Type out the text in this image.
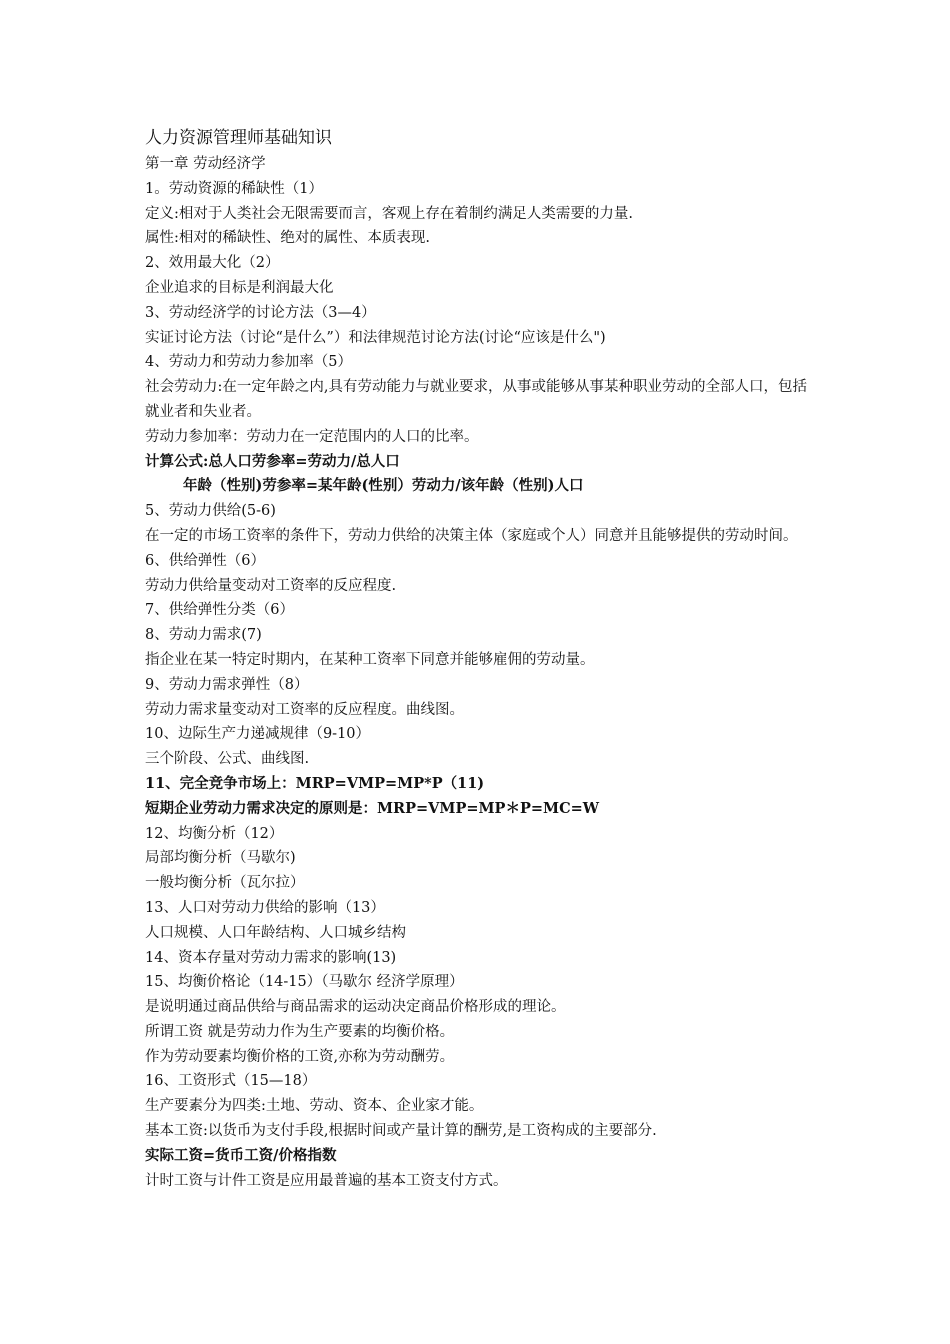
人力资源管理师基础知识
第一章 劳动经济学
1。劳动资源的稀缺性（1）
定义:相对于人类社会无限需要而言，客观上存在着制约满足人类需要的力量.
属性:相对的稀缺性、绝对的属性、本质表现.
2、效用最大化（2）
企业追求的目标是利润最大化
3、劳动经济学的讨论方法（3—4）
实证讨论方法（讨论“是什么”）和法律规范讨论方法(讨论“应该是什么")
4、劳动力和劳动力参加率（5）
社会劳动力:在一定年龄之内,具有劳动能力与就业要求，从事或能够从事某种职业劳动的全部人口，包括就业者和失业者。
劳动力参加率：劳动力在一定范围内的人口的比率。
计算公式:总人口劳参率=劳动力/总人口
年龄（性别)劳参率=某年龄(性别）劳动力/该年龄（性别)人口
5、劳动力供给(5-6)
在一定的市场工资率的条件下，劳动力供给的决策主体（家庭或个人）同意并且能够提供的劳动时间。
6、供给弹性（6）
劳动力供给量变动对工资率的反应程度.
7、供给弹性分类（6）
8、劳动力需求(7)
指企业在某一特定时期内，在某种工资率下同意并能够雇佣的劳动量。
9、劳动力需求弹性（8）
劳动力需求量变动对工资率的反应程度。曲线图。
10、边际生产力递减规律（9-10）
三个阶段、公式、曲线图.
11、完全竞争市场上：MRP=VMP=MP*P（11)
短期企业劳动力需求决定的原则是：MRP=VMP=MP＊P=MC=W
12、均衡分析（12）
局部均衡分析（马歇尔)
一般均衡分析（瓦尔拉）
13、人口对劳动力供给的影响（13）
人口规模、人口年龄结构、人口城乡结构
14、资本存量对劳动力需求的影响(13)
15、均衡价格论（14-15）（马歇尔 经济学原理）
是说明通过商品供给与商品需求的运动决定商品价格形成的理论。
所谓工资 就是劳动力作为生产要素的均衡价格。
作为劳动要素均衡价格的工资,亦称为劳动酬劳。
16、工资形式（15—18）
生产要素分为四类:土地、劳动、资本、企业家才能。
基本工资:以货币为支付手段,根据时间或产量计算的酬劳,是工资构成的主要部分.
实际工资=货币工资/价格指数
计时工资与计件工资是应用最普遍的基本工资支付方式。
